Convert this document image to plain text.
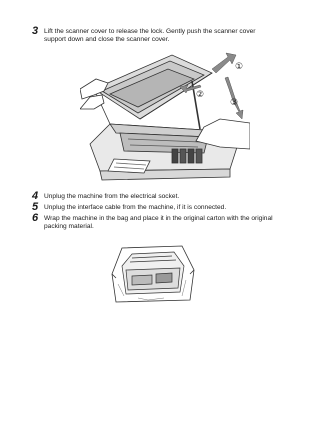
3 Lift the scanner cover to release the lock. Gently push the scanner cover support down and close the scanner cover.
①
②
③
4 Unplug the machine from the electrical socket.
5 Unplug the interface cable from the machine, if it is connected.
6 Wrap the machine in the bag and place it in the original carton with the original packing material.
